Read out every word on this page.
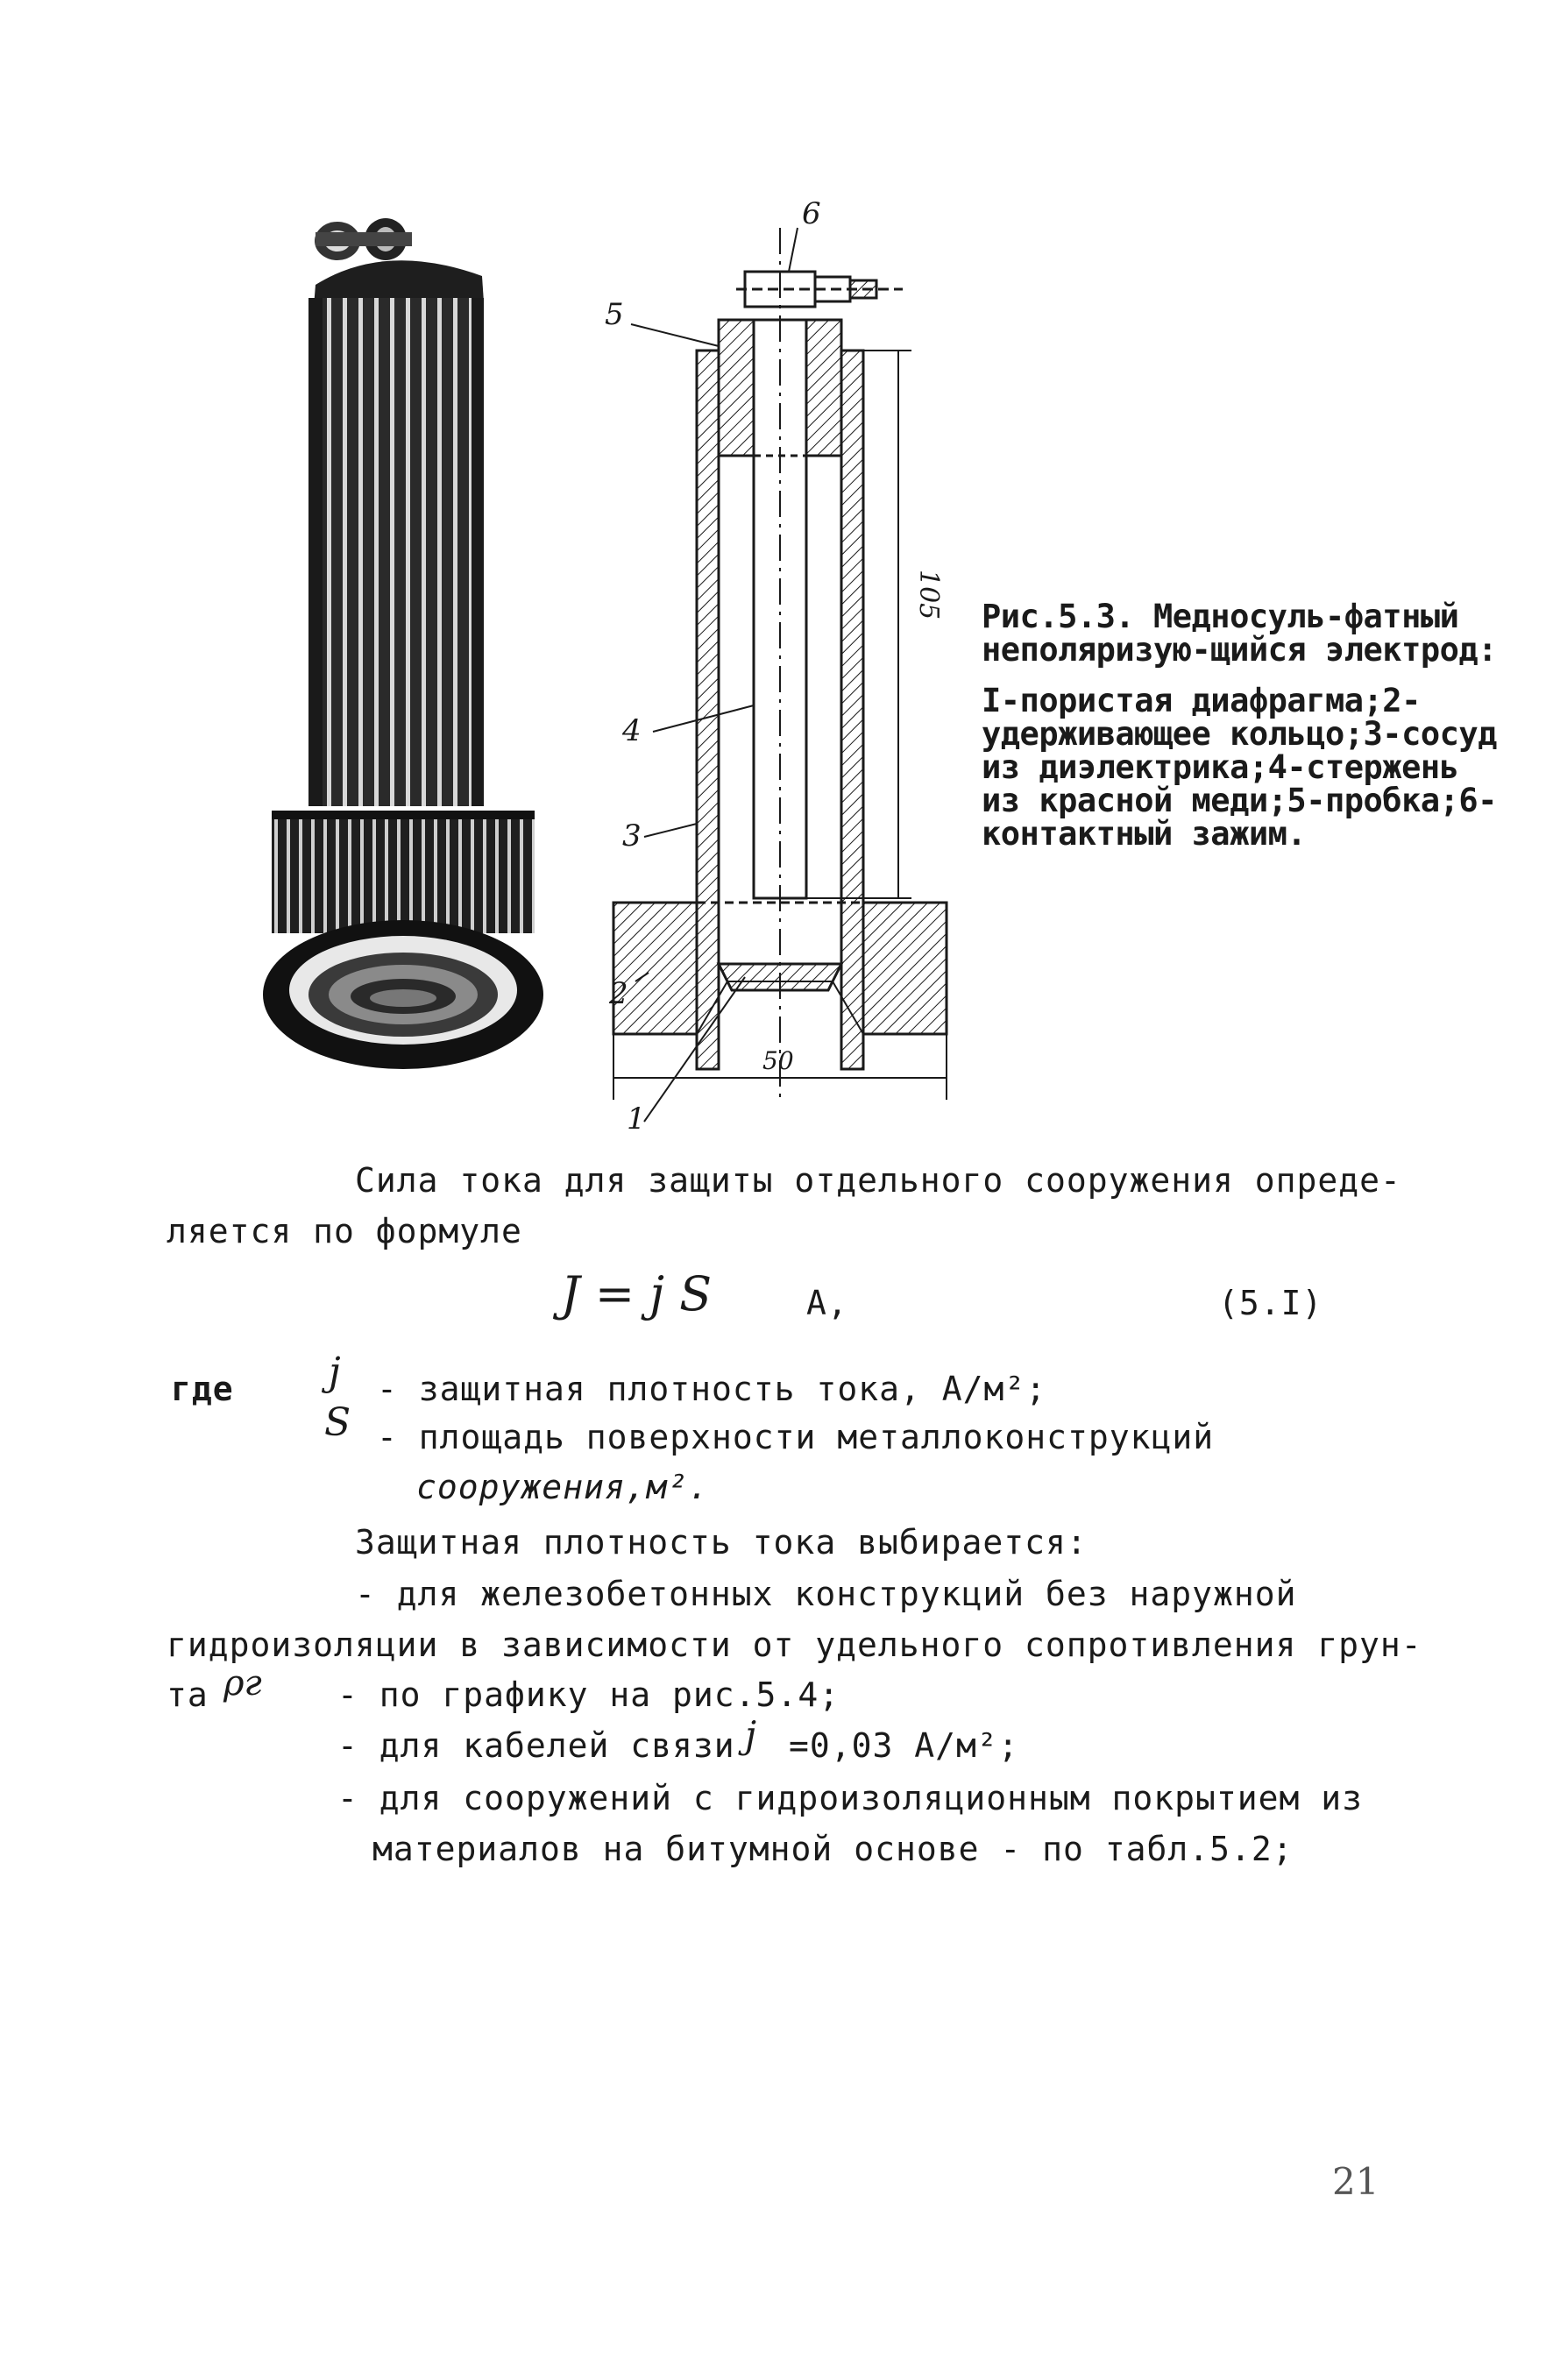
1
2
3
4
5
6
105
50

Рис.5.3. Медносуль-фатный неполяризую-щийся электрод:

I-пористая диафрагма;2-удерживающее кольцо;3-сосуд из диэлектрика;4-стержень из красной меди;5-пробка;6-контактный зажим.

Сила тока для защиты отдельного сооружения опреде-
ляется по формуле
J = j S	А,	(5.I)
где j - защитная плотность тока, А/м²;
S - площадь поверхности металлоконструкций
сооружения,м².
Защитная плотность тока выбирается:
- для железобетонных конструкций без наружной
гидроизоляции в зависимости от удельного сопротивления грун-
та ρг - по графику на рис.5.4;
- для кабелей связи j =0,03 А/м²;
- для сооружений с гидроизоляционным покрытием из
материалов на битумной основе - по табл.5.2;
21
